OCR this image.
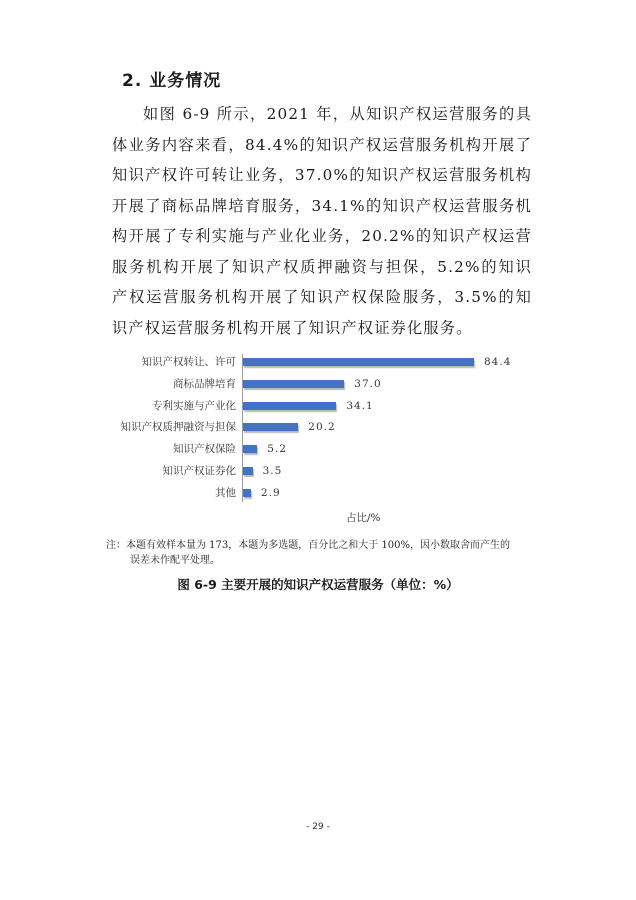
2. 业务情况
如图 6-9 所示，2021 年，从知识产权运营服务的具体业务内容来看，84.4%的知识产权运营服务机构开展了知识产权许可转让业务，37.0%的知识产权运营服务机构开展了商标品牌培育服务，34.1%的知识产权运营服务机构开展了专利实施与产业化业务，20.2%的知识产权运营服务机构开展了知识产权质押融资与担保，5.2%的知识产权运营服务机构开展了知识产权保险服务，3.5%的知识产权运营服务机构开展了知识产权证券化服务。
知识产权转让、许可	84.4
商标品牌培育	37.0
专利实施与产业化	34.1
知识产权质押融资与担保	20.2
知识产权保险	5.2
知识产权证券化	3.5
其他 2.9
占比/%
注：本题有效样本量为 173，本题为多选题，百分比之和大于 100%，因小数取舍而产生的
误差未作配平处理。
图 6-9 主要开展的知识产权运营服务（单位：%）
- 29 -
